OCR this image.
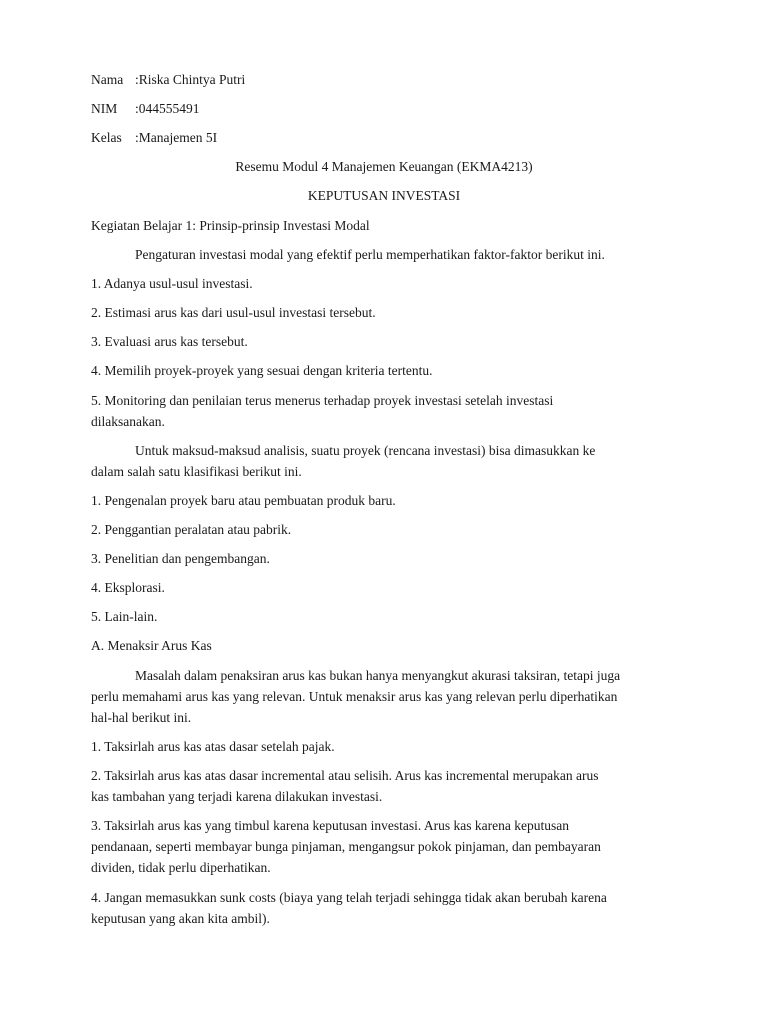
Nama :Riska Chintya Putri
NIM :044555491
Kelas :Manajemen 5I
Resemu Modul 4 Manajemen Keuangan (EKMA4213)
KEPUTUSAN INVESTASI
Kegiatan Belajar 1: Prinsip-prinsip Investasi Modal
Pengaturan investasi modal yang efektif perlu memperhatikan faktor-faktor berikut ini.
1. Adanya usul-usul investasi.
2. Estimasi arus kas dari usul-usul investasi tersebut.
3. Evaluasi arus kas tersebut.
4. Memilih proyek-proyek yang sesuai dengan kriteria tertentu.
5. Monitoring dan penilaian terus menerus terhadap proyek investasi setelah investasi
dilaksanakan.
Untuk maksud-maksud analisis, suatu proyek (rencana investasi) bisa dimasukkan ke
dalam salah satu klasifikasi berikut ini.
1. Pengenalan proyek baru atau pembuatan produk baru.
2. Penggantian peralatan atau pabrik.
3. Penelitian dan pengembangan.
4. Eksplorasi.
5. Lain-lain.
A. Menaksir Arus Kas
Masalah dalam penaksiran arus kas bukan hanya menyangkut akurasi taksiran, tetapi juga
perlu memahami arus kas yang relevan. Untuk menaksir arus kas yang relevan perlu diperhatikan
hal-hal berikut ini.
1. Taksirlah arus kas atas dasar setelah pajak.
2. Taksirlah arus kas atas dasar incremental atau selisih. Arus kas incremental merupakan arus
kas tambahan yang terjadi karena dilakukan investasi.
3. Taksirlah arus kas yang timbul karena keputusan investasi. Arus kas karena keputusan
pendanaan, seperti membayar bunga pinjaman, mengangsur pokok pinjaman, dan pembayaran
dividen, tidak perlu diperhatikan.
4. Jangan memasukkan sunk costs (biaya yang telah terjadi sehingga tidak akan berubah karena
keputusan yang akan kita ambil).
